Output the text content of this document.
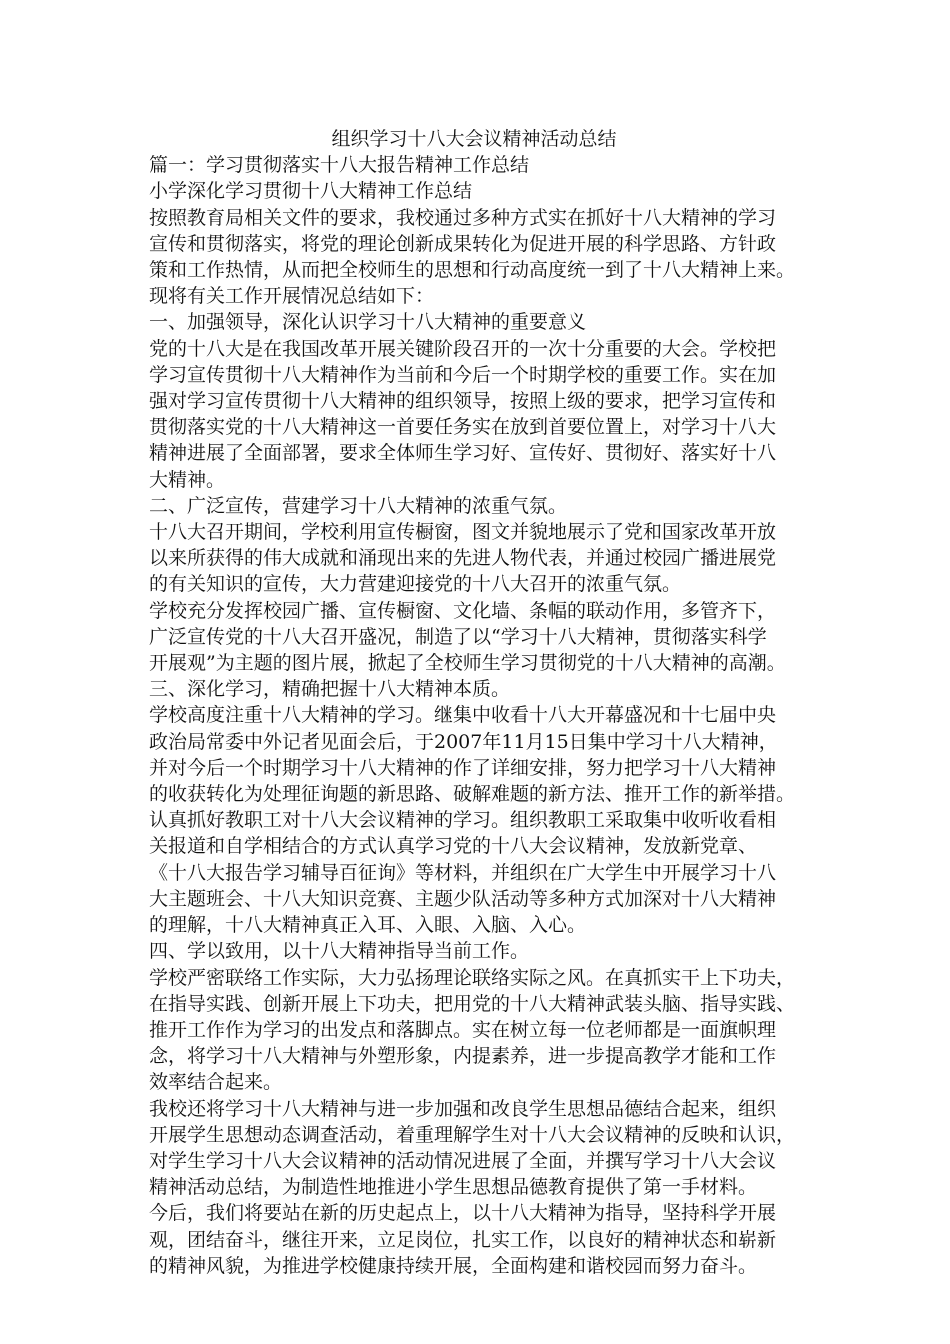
组织学习十八大会议精神活动总结

篇一：学习贯彻落实十八大报告精神工作总结

小学深化学习贯彻十八大精神工作总结

按照教育局相关文件的要求，我校通过多种方式实在抓好十八大精神的学习

宣传和贯彻落实，将党的理论创新成果转化为促进开展的科学思路、方针政

策和工作热情，从而把全校师生的思想和行动高度统一到了十八大精神上来。

现将有关工作开展情况总结如下：

一、加强领导，深化认识学习十八大精神的重要意义

党的十八大是在我国改革开展关键阶段召开的一次十分重要的大会。学校把

学习宣传贯彻十八大精神作为当前和今后一个时期学校的重要工作。实在加

强对学习宣传贯彻十八大精神的组织领导，按照上级的要求，把学习宣传和

贯彻落实党的十八大精神这一首要任务实在放到首要位置上，对学习十八大

精神进展了全面部署，要求全体师生学习好、宣传好、贯彻好、落实好十八

大精神。

二、广泛宣传，营建学习十八大精神的浓重气氛。

十八大召开期间，学校利用宣传橱窗，图文并貌地展示了党和国家改革开放

以来所获得的伟大成就和涌现出来的先进人物代表，并通过校园广播进展党

的有关知识的宣传，大力营建迎接党的十八大召开的浓重气氛。

学校充分发挥校园广播、宣传橱窗、文化墙、条幅的联动作用，多管齐下，

广泛宣传党的十八大召开盛况，制造了以“学习十八大精神，贯彻落实科学

开展观”为主题的图片展，掀起了全校师生学习贯彻党的十八大精神的高潮。

三、深化学习，精确把握十八大精神本质。

学校高度注重十八大精神的学习。继集中收看十八大开幕盛况和十七届中央

政治局常委中外记者见面会后，于2007年11月15日集中学习十八大精神，

并对今后一个时期学习十八大精神的作了详细安排，努力把学习十八大精神

的收获转化为处理征询题的新思路、破解难题的新方法、推开工作的新举措。

认真抓好教职工对十八大会议精神的学习。组织教职工采取集中收听收看相

关报道和自学相结合的方式认真学习党的十八大会议精神，发放新党章、

《十八大报告学习辅导百征询》等材料，并组织在广大学生中开展学习十八

大主题班会、十八大知识竞赛、主题少队活动等多种方式加深对十八大精神

的理解，十八大精神真正入耳、入眼、入脑、入心。

四、学以致用，以十八大精神指导当前工作。

学校严密联络工作实际，大力弘扬理论联络实际之风。在真抓实干上下功夫，

在指导实践、创新开展上下功夫，把用党的十八大精神武装头脑、指导实践、

推开工作作为学习的出发点和落脚点。实在树立每一位老师都是一面旗帜理

念，将学习十八大精神与外塑形象，内提素养，进一步提高教学才能和工作

效率结合起来。

我校还将学习十八大精神与进一步加强和改良学生思想品德结合起来，组织

开展学生思想动态调查活动，着重理解学生对十八大会议精神的反映和认识，

对学生学习十八大会议精神的活动情况进展了全面，并撰写学习十八大会议

精神活动总结，为制造性地推进小学生思想品德教育提供了第一手材料。

今后，我们将要站在新的历史起点上，以十八大精神为指导，坚持科学开展

观，团结奋斗，继往开来，立足岗位，扎实工作，以良好的精神状态和崭新

的精神风貌，为推进学校健康持续开展，全面构建和谐校园而努力奋斗。
